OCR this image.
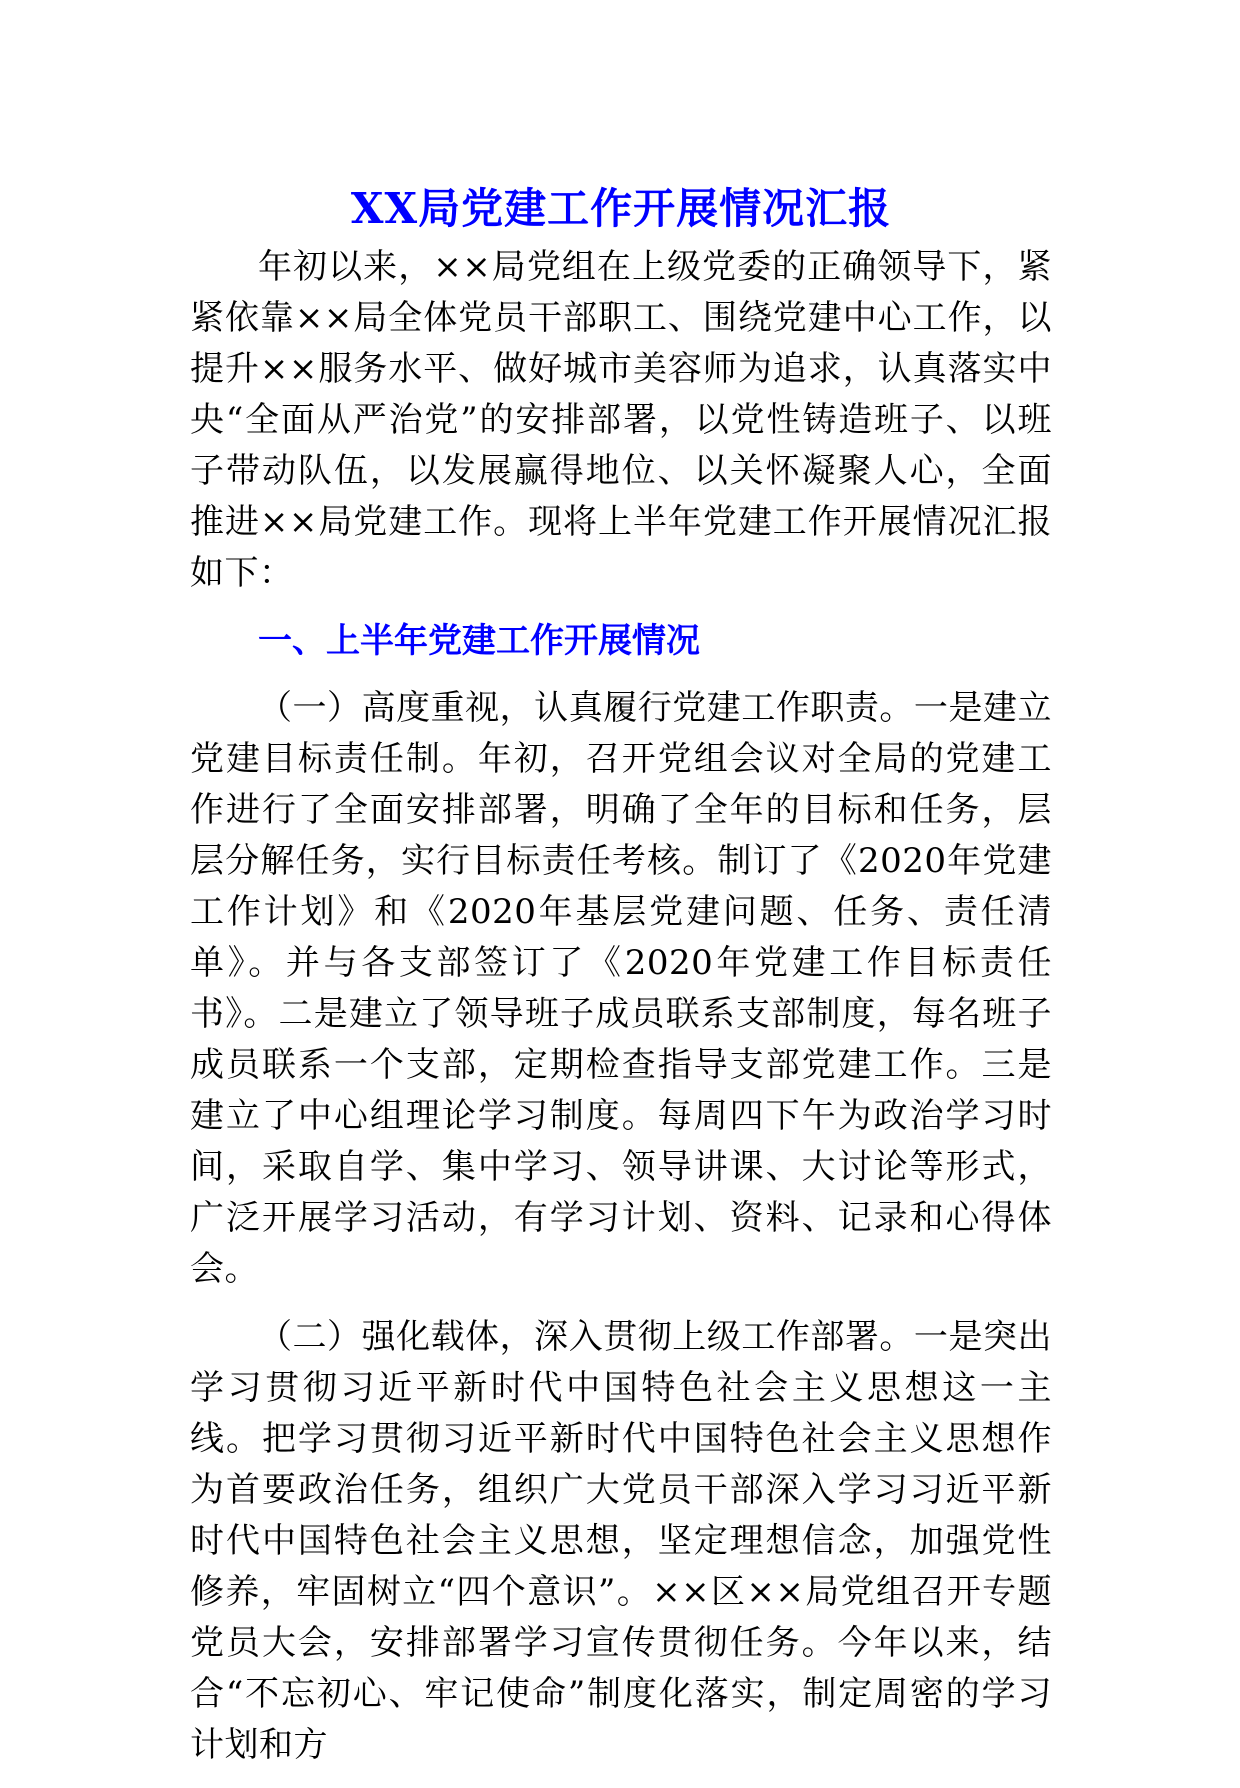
XX局党建工作开展情况汇报

年初以来，××局党组在上级党委的正确领导下，紧紧依靠××局全体党员干部职工、围绕党建中心工作，以提升××服务水平、做好城市美容师为追求，认真落实中央“全面从严治党”的安排部署，以党性铸造班子、以班子带动队伍，以发展赢得地位、以关怀凝聚人心，全面推进××局党建工作。现将上半年党建工作开展情况汇报如下：

一、上半年党建工作开展情况

（一）高度重视，认真履行党建工作职责。一是建立党建目标责任制。年初，召开党组会议对全局的党建工作进行了全面安排部署，明确了全年的目标和任务，层层分解任务，实行目标责任考核。制订了《2020年党建工作计划》和《2020年基层党建问题、任务、责任清单》。并与各支部签订了《2020年党建工作目标责任书》。二是建立了领导班子成员联系支部制度，每名班子成员联系一个支部，定期检查指导支部党建工作。三是建立了中心组理论学习制度。每周四下午为政治学习时间，采取自学、集中学习、领导讲课、大讨论等形式，广泛开展学习活动，有学习计划、资料、记录和心得体会。

（二）强化载体，深入贯彻上级工作部署。一是突出学习贯彻习近平新时代中国特色社会主义思想这一主线。把学习贯彻习近平新时代中国特色社会主义思想作为首要政治任务，组织广大党员干部深入学习习近平新时代中国特色社会主义思想，坚定理想信念，加强党性修养，牢固树立“四个意识”。××区××局党组召开专题党员大会，安排部署学习宣传贯彻任务。今年以来，结合“不忘初心、牢记使命”制度化落实，制定周密的学习计划和方
